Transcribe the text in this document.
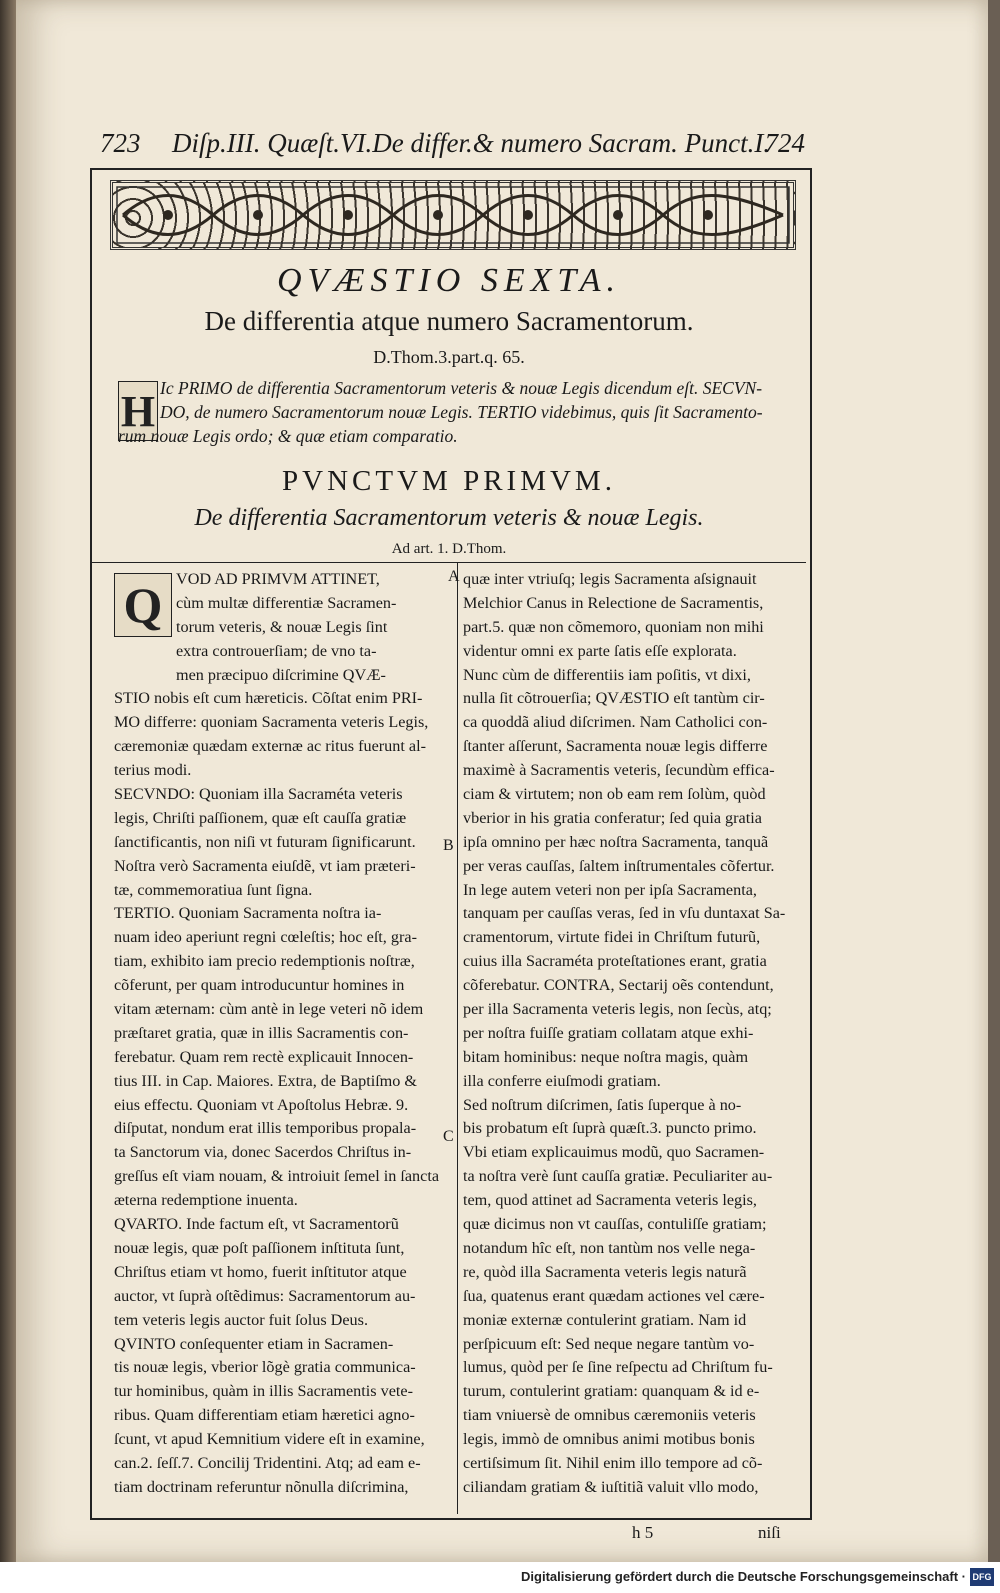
723 Diſp.III. Quæſt.VI.De differ.& numero Sacram. Punct.I.
724
QVÆSTIO SEXTA.
De differentia atque numero Sacramentorum.
D.Thom.3.part.q. 65.
H Ic PRIMO de differentia Sacramentorum veteris & nouæ Legis dicendum eſt. SECVN-
DO, de numero Sacramentorum nouæ Legis. TERTIO videbimus, quis ſit Sacramento-
rum nouæ Legis ordo; & quæ etiam comparatio.
PVNCTVM PRIMVM.
De differentia Sacramentorum veteris & nouæ Legis.
Ad art. 1. D.Thom.
Q VOD AD PRIMVM ATTINET,
cùm multæ differentiæ Sacramen-
torum veteris, & nouæ Legis ſint
extra controuerſiam; de vno ta-
men præcipuo diſcrimine QVÆ-
STIO nobis eſt cum hæreticis. Cõſtat enim PRI-
MO differre: quoniam Sacramenta veteris Legis,
cæremoniæ quædam externæ ac ritus fuerunt al-
terius modi.
SECVNDO: Quoniam illa Sacraméta veteris
legis, Chriſti paſſionem, quæ eſt cauſſa gratiæ
ſanctificantis, non niſi vt futuram ſignificarunt.
Noſtra verò Sacramenta eiuſdẽ, vt iam præteri-
tæ, commemoratiua ſunt ſigna.
TERTIO. Quoniam Sacramenta noſtra ia-
nuam ideo aperiunt regni cœleſtis; hoc eſt, gra-
tiam, exhibito iam precio redemptionis noſtræ,
cõferunt, per quam introducuntur homines in
vitam æternam: cùm antè in lege veteri nõ idem
præſtaret gratia, quæ in illis Sacramentis con-
ferebatur. Quam rem rectè explicauit Innocen-
tius III. in Cap. Maiores. Extra, de Baptiſmo &
eius effectu. Quoniam vt Apoſtolus Hebræ. 9.
diſputat, nondum erat illis temporibus propala-
ta Sanctorum via, donec Sacerdos Chriſtus in-
greſſus eſt viam nouam, & introiuit ſemel in ſancta
æterna redemptione inuenta.
QVARTO. Inde factum eſt, vt Sacramentorũ
nouæ legis, quæ poſt paſſionem inſtituta ſunt,
Chriſtus etiam vt homo, fuerit inſtitutor atque
auctor, vt ſuprà oſtẽdimus: Sacramentorum au-
tem veteris legis auctor fuit ſolus Deus.
QVINTO conſequenter etiam in Sacramen-
tis nouæ legis, vberior lõgè gratia communica-
tur hominibus, quàm in illis Sacramentis vete-
ribus. Quam differentiam etiam hæretici agno-
ſcunt, vt apud Kemnitium videre eſt in examine,
can.2. ſeſſ.7. Concilij Tridentini. Atq; ad eam e-
tiam doctrinam referuntur nõnulla diſcrimina,
quæ inter vtriuſq; legis Sacramenta aſsignauit
Melchior Canus in Relectione de Sacramentis,
part.5. quæ non cõmemoro, quoniam non mihi
videntur omni ex parte ſatis eſſe explorata.
Nunc cùm de differentiis iam poſitis, vt dixi,
nulla ſit cõtrouerſia; QVÆSTIO eſt tantùm cir-
ca quoddã aliud diſcrimen. Nam Catholici con-
ſtanter aſſerunt, Sacramenta nouæ legis differre
maximè à Sacramentis veteris, ſecundùm effica-
ciam & virtutem; non ob eam rem ſolùm, quòd
vberior in his gratia conferatur; ſed quia gratia
ipſa omnino per hæc noſtra Sacramenta, tanquã
per veras cauſſas, ſaltem inſtrumentales cõfertur.
In lege autem veteri non per ipſa Sacramenta,
tanquam per cauſſas veras, ſed in vſu duntaxat Sa-
cramentorum, virtute fidei in Chriſtum futurũ,
cuius illa Sacraméta proteſtationes erant, gratia
cõferebatur. CONTRA, Sectarij oẽs contendunt,
per illa Sacramenta veteris legis, non ſecùs, atq;
per noſtra fuiſſe gratiam collatam atque exhi-
bitam hominibus: neque noſtra magis, quàm
illa conferre eiuſmodi gratiam.
Sed noſtrum diſcrimen, ſatis ſuperque à no-
bis probatum eſt ſuprà quæſt.3. puncto primo.
Vbi etiam explicauimus modũ, quo Sacramen-
ta noſtra verè ſunt cauſſa gratiæ. Peculiariter au-
tem, quod attinet ad Sacramenta veteris legis,
quæ dicimus non vt cauſſas, contuliſſe gratiam;
notandum hîc eſt, non tantùm nos velle nega-
re, quòd illa Sacramenta veteris legis naturã
ſua, quatenus erant quædam actiones vel cære-
moniæ externæ contulerint gratiam. Nam id
perſpicuum eſt: Sed neque negare tantùm vo-
lumus, quòd per ſe ſine reſpectu ad Chriſtum fu-
turum, contulerint gratiam: quanquam & id e-
tiam vniuersè de omnibus cæremoniis veteris
legis, immò de omnibus animi motibus bonis
certiſsimum ſit. Nihil enim illo tempore ad cõ-
ciliandam gratiam & iuſtitiã valuit vllo modo,
A
B
C
h 5	niſi
Digitalisierung gefördert durch die Deutsche Forschungsgemeinschaft · DFG
